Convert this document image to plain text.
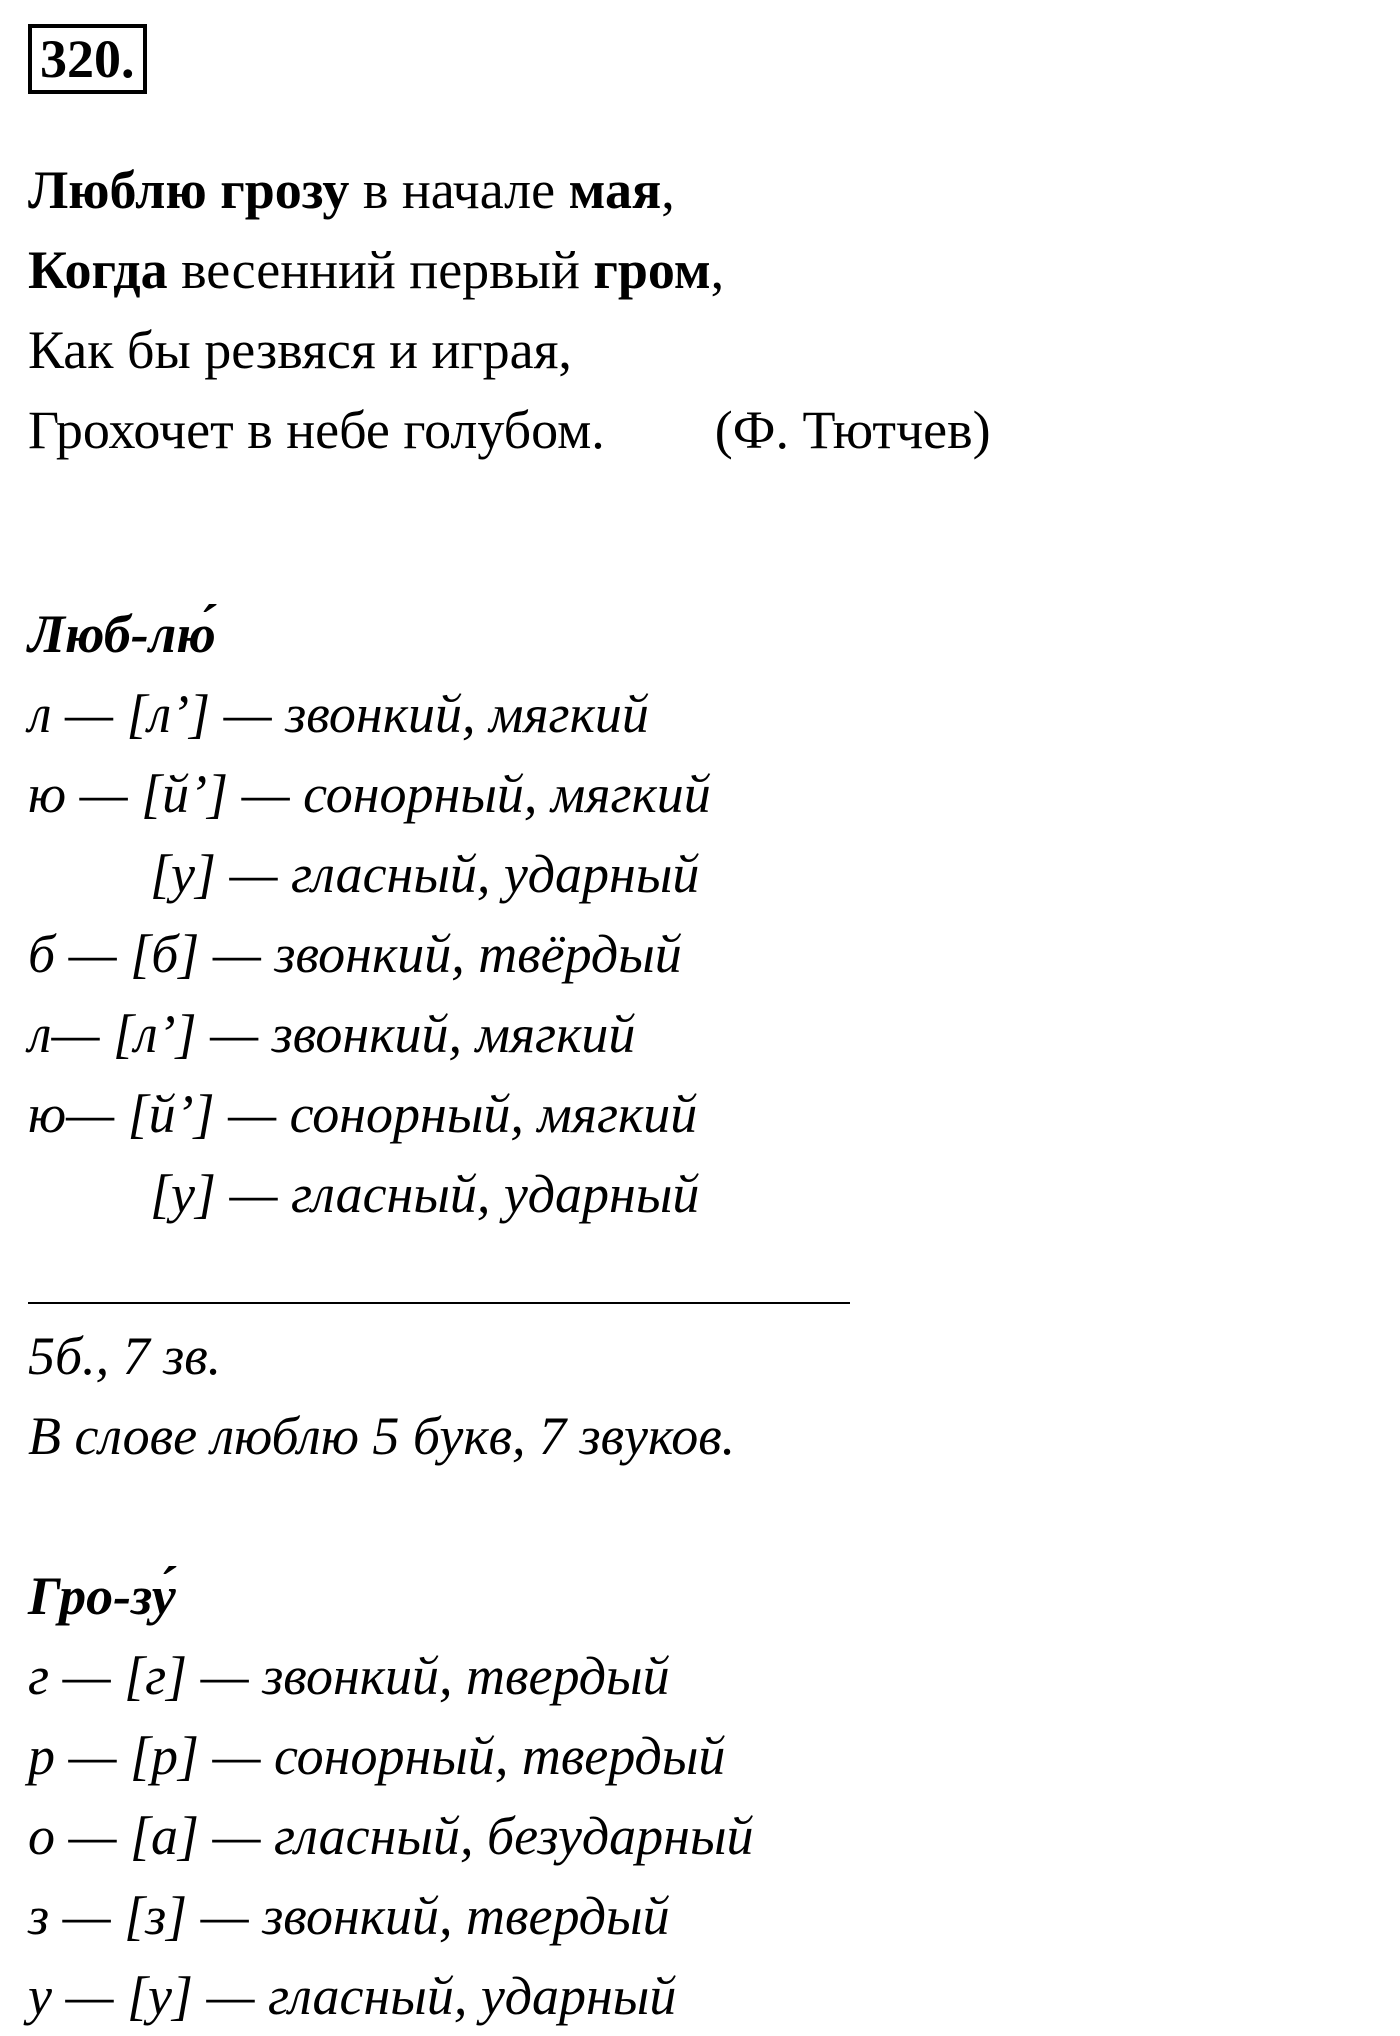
320.
Люблю грозу в начале мая,
Когда весенний первый гром,
Как бы резвяся и играя,
Грохочет в небе голубом. (Ф. Тютчев)
Люб-лю́
л — [л’] — звонкий, мягкий
ю — [й’] — сонорный, мягкий
[у] — гласный, ударный
б — [б] — звонкий, твёрдый
л— [л’] — звонкий, мягкий
ю— [й’] — сонорный, мягкий
[у] — гласный, ударный
5б., 7 зв.
В слове люблю 5 букв, 7 звуков.
Гро-зу́
г — [г] — звонкий, твердый
р — [р] — сонорный, твердый
о — [а] — гласный, безударный
з — [з] — звонкий, твердый
у — [у] — гласный, ударный
